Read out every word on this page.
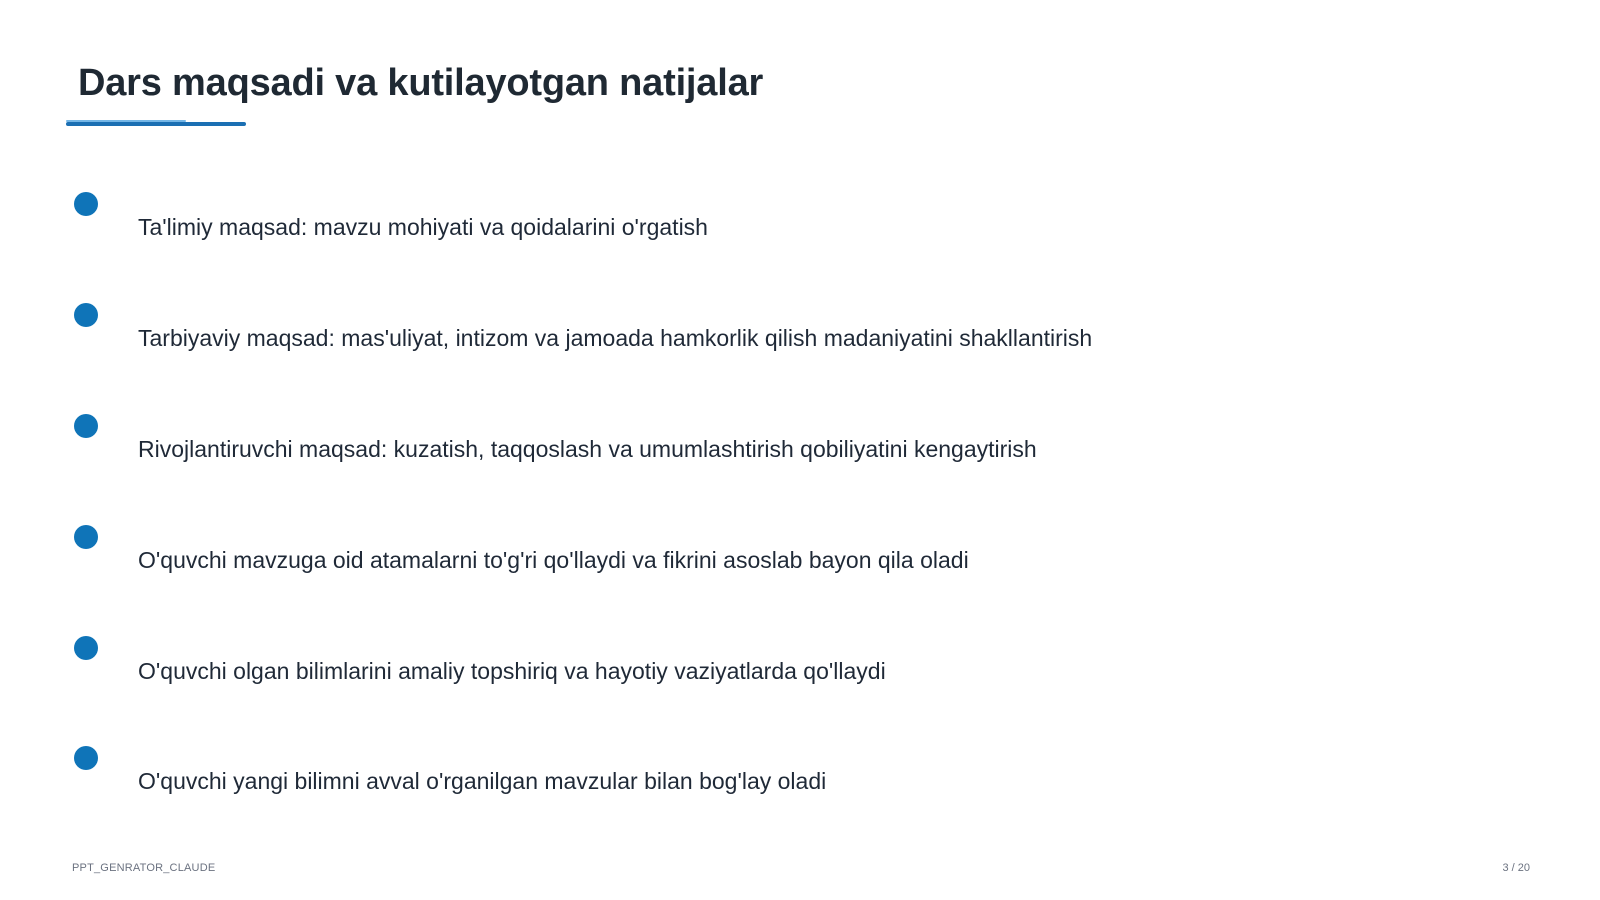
Dars maqsadi va kutilayotgan natijalar
Ta'limiy maqsad: mavzu mohiyati va qoidalarini o'rgatish
Tarbiyaviy maqsad: mas'uliyat, intizom va jamoada hamkorlik qilish madaniyatini shakllantirish
Rivojlantiruvchi maqsad: kuzatish, taqqoslash va umumlashtirish qobiliyatini kengaytirish
O'quvchi mavzuga oid atamalarni to'g'ri qo'llaydi va fikrini asoslab bayon qila oladi
O'quvchi olgan bilimlarini amaliy topshiriq va hayotiy vaziyatlarda qo'llaydi
O'quvchi yangi bilimni avval o'rganilgan mavzular bilan bog'lay oladi
PPT_GENRATOR_CLAUDE	3 / 20
